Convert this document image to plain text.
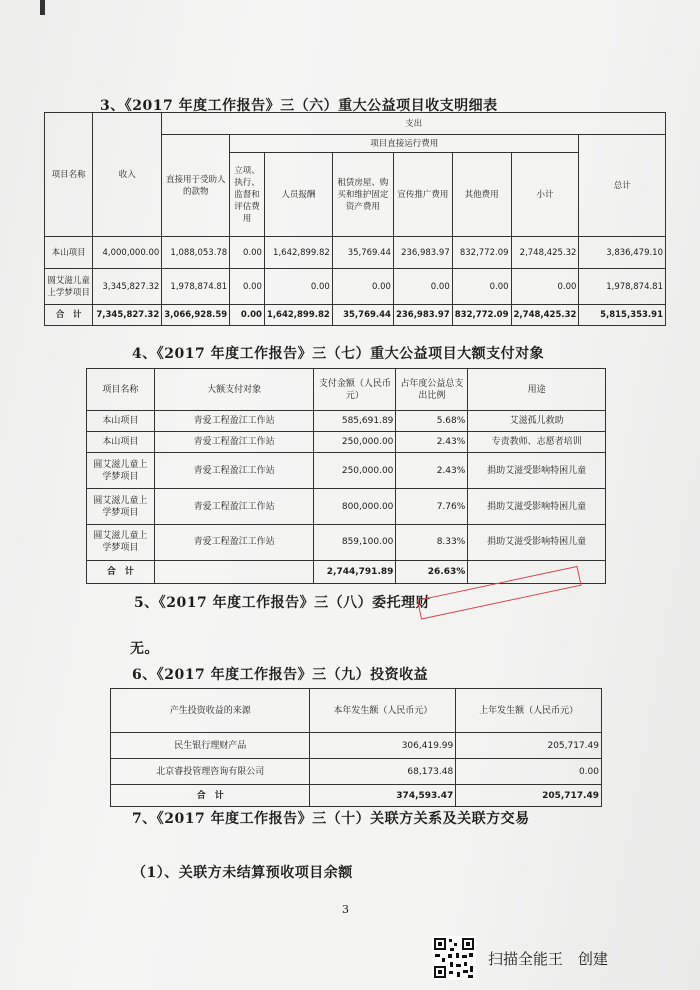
3、《2017 年度工作报告》三（六）重大公益项目收支明细表
项目名称	收入	支出							
		直接用于受助人的款物	项目直接运行费用						总计
			立项、执行、监督和评估费用	人员报酬	租赁房屋、购买和维护固定资产费用	宣传推广费用	其他费用	小计	
本山项目	4,000,000.00	1,088,053.78	0.00	1,642,899.82	35,769.44	236,983.97	832,772.09	2,748,425.32	3,836,479.10
圆艾滋儿童上学梦项目	3,345,827.32	1,978,874.81	0.00	0.00	0.00	0.00	0.00	0.00	1,978,874.81
合　计	7,345,827.32	3,066,928.59	0.00	1,642,899.82	35,769.44	236,983.97	832,772.09	2,748,425.32	5,815,353.91
4、《2017 年度工作报告》三（七）重大公益项目大额支付对象
项目名称	大额支付对象	支付金额（人民币元）	占年度公益总支出比例	用途
本山项目	青爱工程盈江工作站	585,691.89	5.68%	艾滋孤儿救助
本山项目	青爱工程盈江工作站	250,000.00	2.43%	专责教师、志愿者培训
圆艾滋儿童上学梦项目	青爱工程盈江工作站	250,000.00	2.43%	捐助艾滋受影响特困儿童
圆艾滋儿童上学梦项目	青爱工程盈江工作站	800,000.00	7.76%	捐助艾滋受影响特困儿童
圆艾滋儿童上学梦项目	青爱工程盈江工作站	859,100.00	8.33%	捐助艾滋受影响特困儿童
合　计		2,744,791.89	26.63%	
5、《2017 年度工作报告》三（八）委托理财
无。
6、《2017 年度工作报告》三（九）投资收益
产生投资收益的来源	本年发生额（人民币元）	上年发生额（人民币元）
民生银行理财产品	306,419.99	205,717.49
北京睿投管理咨询有限公司	68,173.48	0.00
合　计	374,593.47	205,717.49
7、《2017 年度工作报告》三（十）关联方关系及关联方交易
（1）、关联方未结算预收项目余额
3
扫描全能王　创建
